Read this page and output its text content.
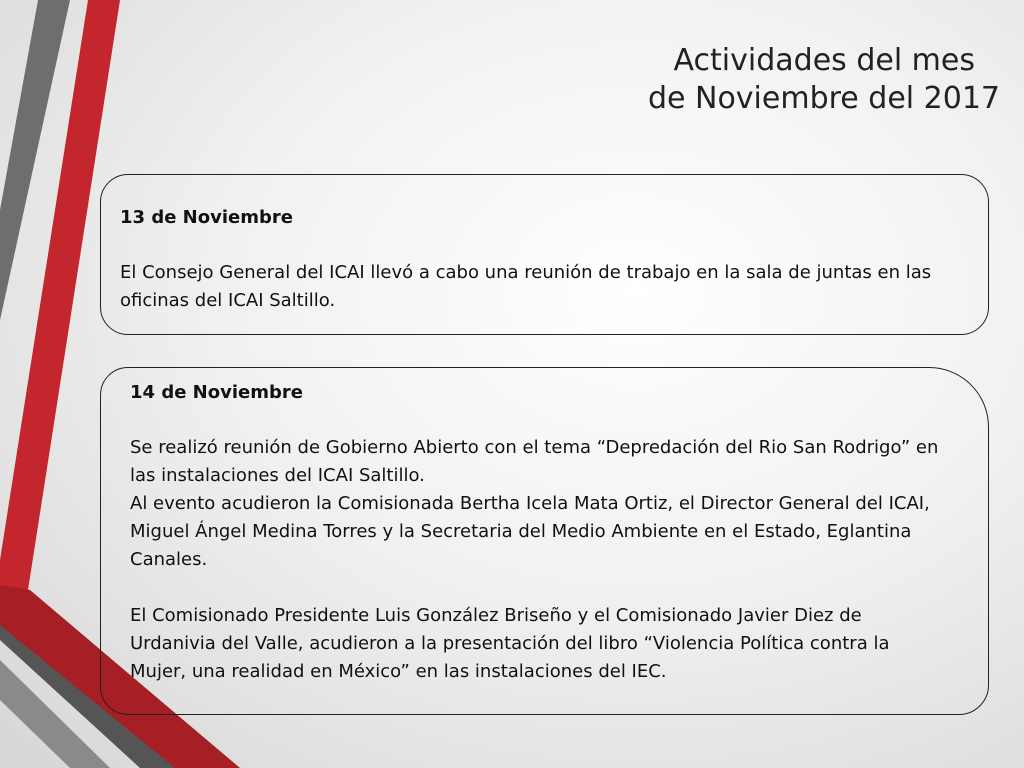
Actividades del mes
de Noviembre del 2017

13 de Noviembre

El Consejo General del ICAI llevó a cabo una reunión de trabajo en la sala de juntas en las oficinas del ICAI Saltillo.

14 de Noviembre

Se realizó reunión de Gobierno Abierto con el tema “Depredación del Rio San Rodrigo” en las instalaciones del ICAI Saltillo.

Al evento acudieron la Comisionada Bertha Icela Mata Ortiz, el Director General del ICAI, Miguel Ángel Medina Torres y la Secretaria del Medio Ambiente en el Estado, Eglantina Canales.

El Comisionado Presidente Luis González Briseño y el Comisionado Javier Diez de Urdanivia del Valle, acudieron a la presentación del libro “Violencia Política contra la Mujer, una realidad en México” en las instalaciones del IEC.
